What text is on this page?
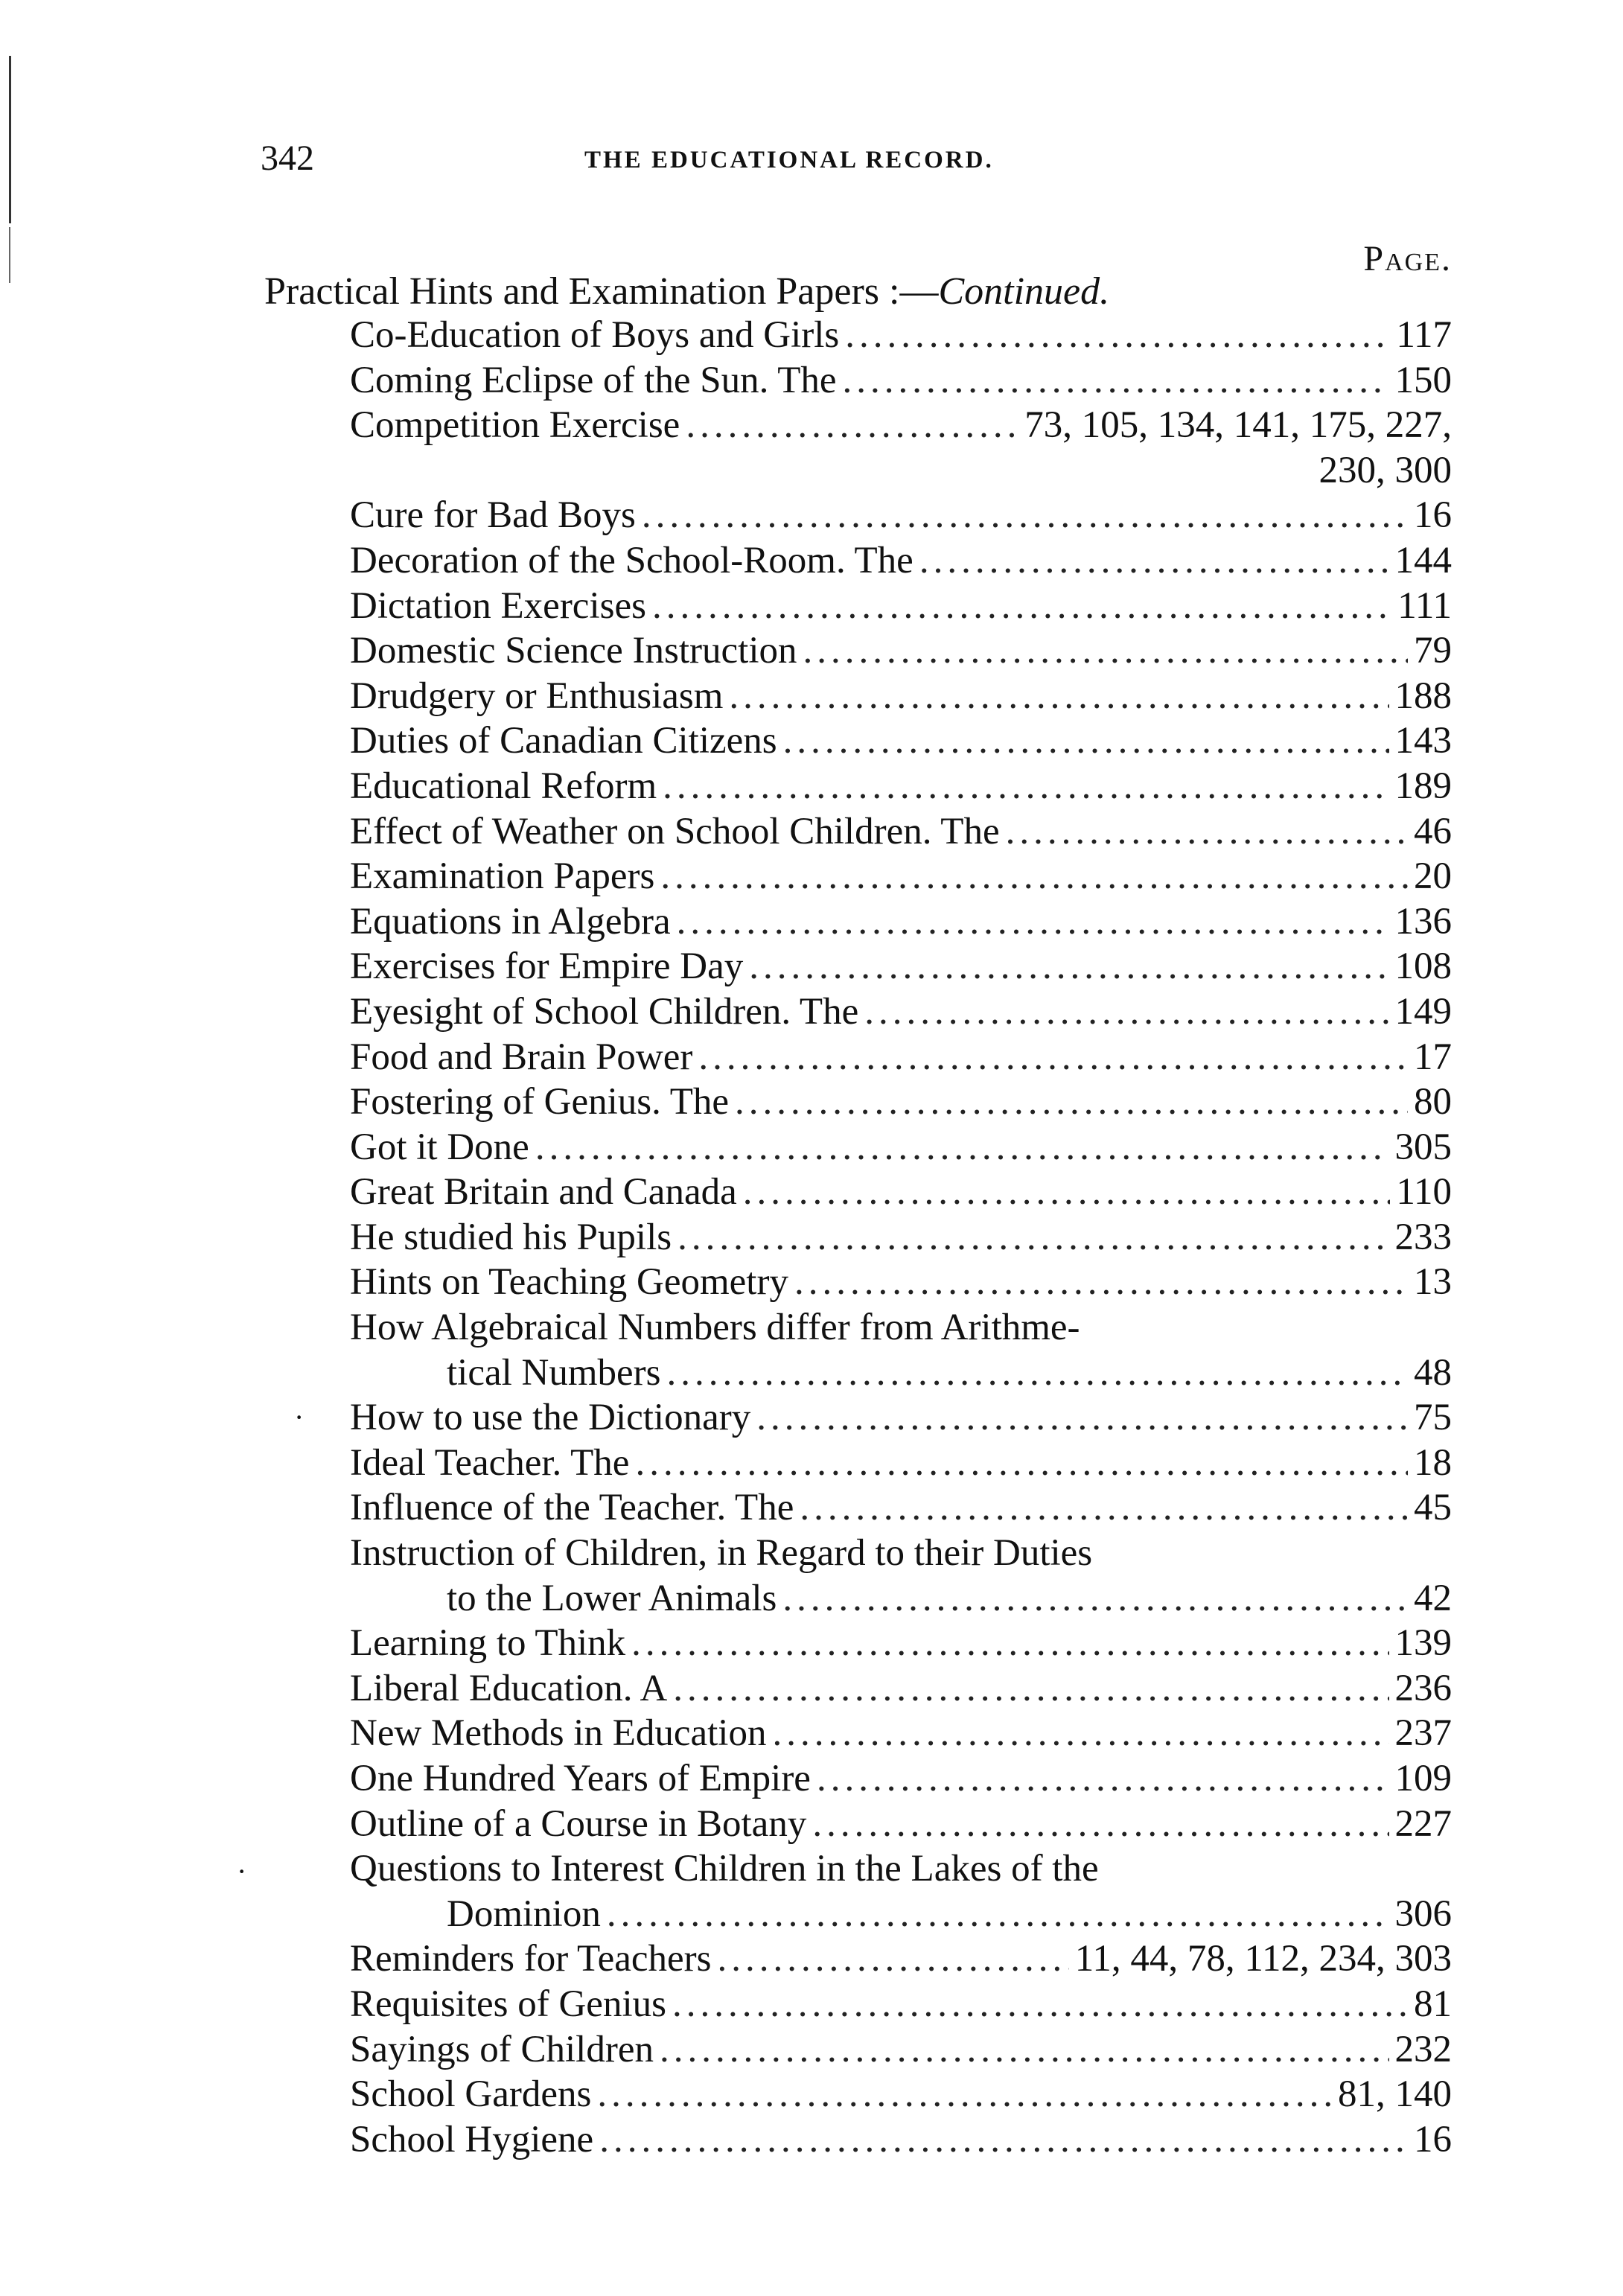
342	THE EDUCATIONAL RECORD.
Page.
Practical Hints and Examination Papers :—Continued.
Co-Education of Boys and Girls .....	117
Coming Eclipse of the Sun. The .....	150
Competition Exercise .....	73, 105, 134, 141, 175, 227,
230, 300
Cure for Bad Boys .....	16
Decoration of the School-Room. The .....	144
Dictation Exercises .....	111
Domestic Science Instruction .....	79
Drudgery or Enthusiasm .....	188
Duties of Canadian Citizens .....	143
Educational Reform .....	189
Effect of Weather on School Children. The .....	46
Examination Papers .....	20
Equations in Algebra .....	136
Exercises for Empire Day .....	108
Eyesight of School Children. The .....	149
Food and Brain Power .....	17
Fostering of Genius. The .....	80
Got it Done .....	305
Great Britain and Canada .....	110
He studied his Pupils .....	233
Hints on Teaching Geometry .....	13
How Algebraical Numbers differ from Arithme-
tical Numbers .....	48
How to use the Dictionary .....	75
Ideal Teacher. The .....	18
Influence of the Teacher. The .....	45
Instruction of Children, in Regard to their Duties
to the Lower Animals .....	42
Learning to Think .....	139
Liberal Education. A .....	236
New Methods in Education .....	237
One Hundred Years of Empire .....	109
Outline of a Course in Botany .....	227
Questions to Interest Children in the Lakes of the
Dominion .....	306
Reminders for Teachers .....	11, 44, 78, 112, 234, 303
Requisites of Genius .....	81
Sayings of Children .....	232
School Gardens .....	81, 140
School Hygiene .....	16
·
·
